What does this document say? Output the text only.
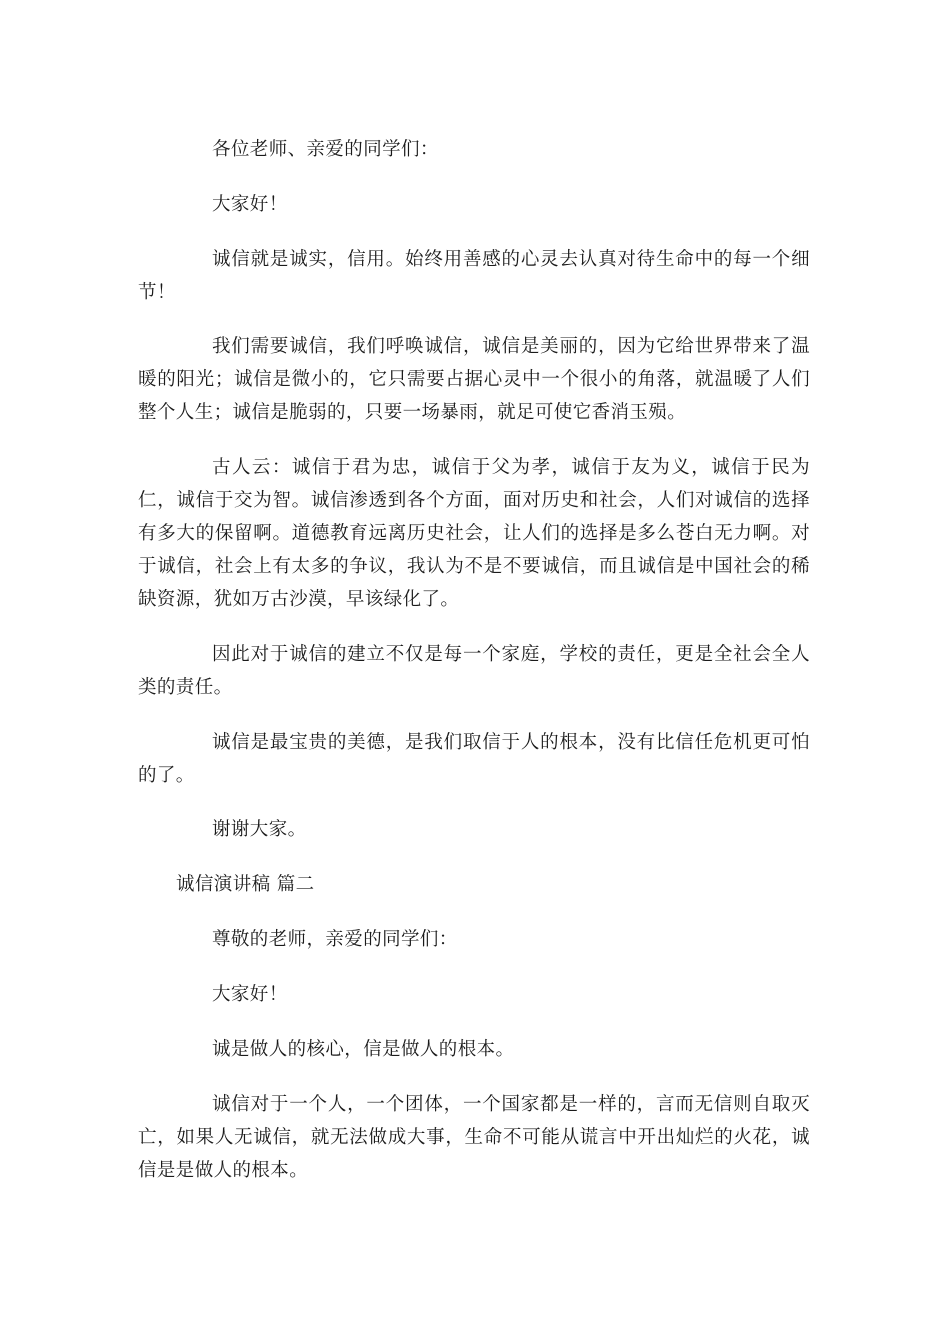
各位老师、亲爱的同学们：

大家好！

诚信就是诚实，信用。始终用善感的心灵去认真对待生命中的每一个细节！

我们需要诚信，我们呼唤诚信，诚信是美丽的，因为它给世界带来了温暖的阳光；诚信是微小的，它只需要占据心灵中一个很小的角落，就温暖了人们整个人生；诚信是脆弱的，只要一场暴雨，就足可使它香消玉殒。

古人云：诚信于君为忠，诚信于父为孝，诚信于友为义，诚信于民为仁，诚信于交为智。诚信渗透到各个方面，面对历史和社会，人们对诚信的选择有多大的保留啊。道德教育远离历史社会，让人们的选择是多么苍白无力啊。对于诚信，社会上有太多的争议，我认为不是不要诚信，而且诚信是中国社会的稀缺资源，犹如万古沙漠，早该绿化了。

因此对于诚信的建立不仅是每一个家庭，学校的责任，更是全社会全人类的责任。

诚信是最宝贵的美德，是我们取信于人的根本，没有比信任危机更可怕的了。

谢谢大家。

诚信演讲稿 篇二

尊敬的老师，亲爱的同学们：

大家好！

诚是做人的核心，信是做人的根本。

诚信对于一个人，一个团体，一个国家都是一样的，言而无信则自取灭亡，如果人无诚信，就无法做成大事，生命不可能从谎言中开出灿烂的火花，诚信是是做人的根本。
